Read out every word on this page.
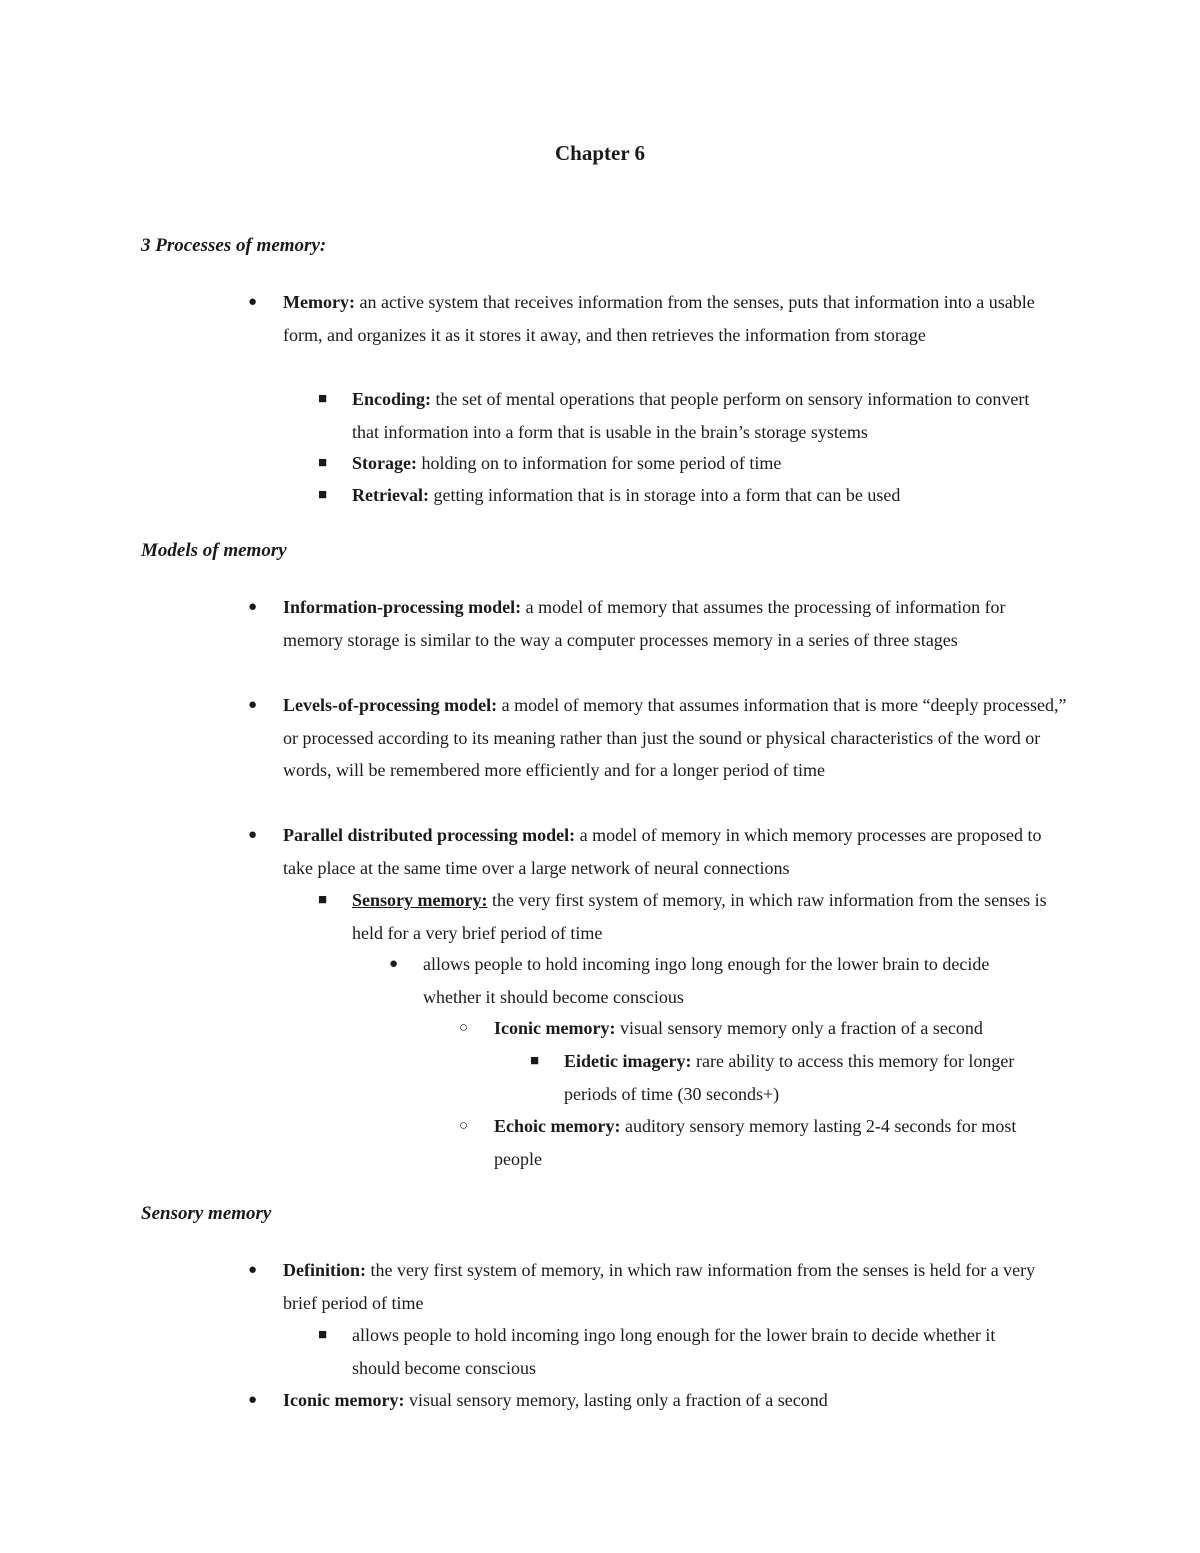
Chapter 6
3 Processes of memory:
● Memory: an active system that receives information from the senses, puts that information into a usable form, and organizes it as it stores it away, and then retrieves the information from storage
■ Encoding: the set of mental operations that people perform on sensory information to convert that information into a form that is usable in the brain’s storage systems
■ Storage: holding on to information for some period of time
■ Retrieval: getting information that is in storage into a form that can be used
Models of memory
● Information-processing model: a model of memory that assumes the processing of information for memory storage is similar to the way a computer processes memory in a series of three stages
● Levels-of-processing model: a model of memory that assumes information that is more “deeply processed,” or processed according to its meaning rather than just the sound or physical characteristics of the word or words, will be remembered more efficiently and for a longer period of time
● Parallel distributed processing model: a model of memory in which memory processes are proposed to take place at the same time over a large network of neural connections
■ Sensory memory: the very first system of memory, in which raw information from the senses is held for a very brief period of time
● allows people to hold incoming ingo long enough for the lower brain to decide whether it should become conscious
○ Iconic memory: visual sensory memory only a fraction of a second
■ Eidetic imagery: rare ability to access this memory for longer periods of time (30 seconds+)
○ Echoic memory: auditory sensory memory lasting 2-4 seconds for most people
Sensory memory
● Definition: the very first system of memory, in which raw information from the senses is held for a very brief period of time
■ allows people to hold incoming ingo long enough for the lower brain to decide whether it should become conscious
● Iconic memory: visual sensory memory, lasting only a fraction of a second
